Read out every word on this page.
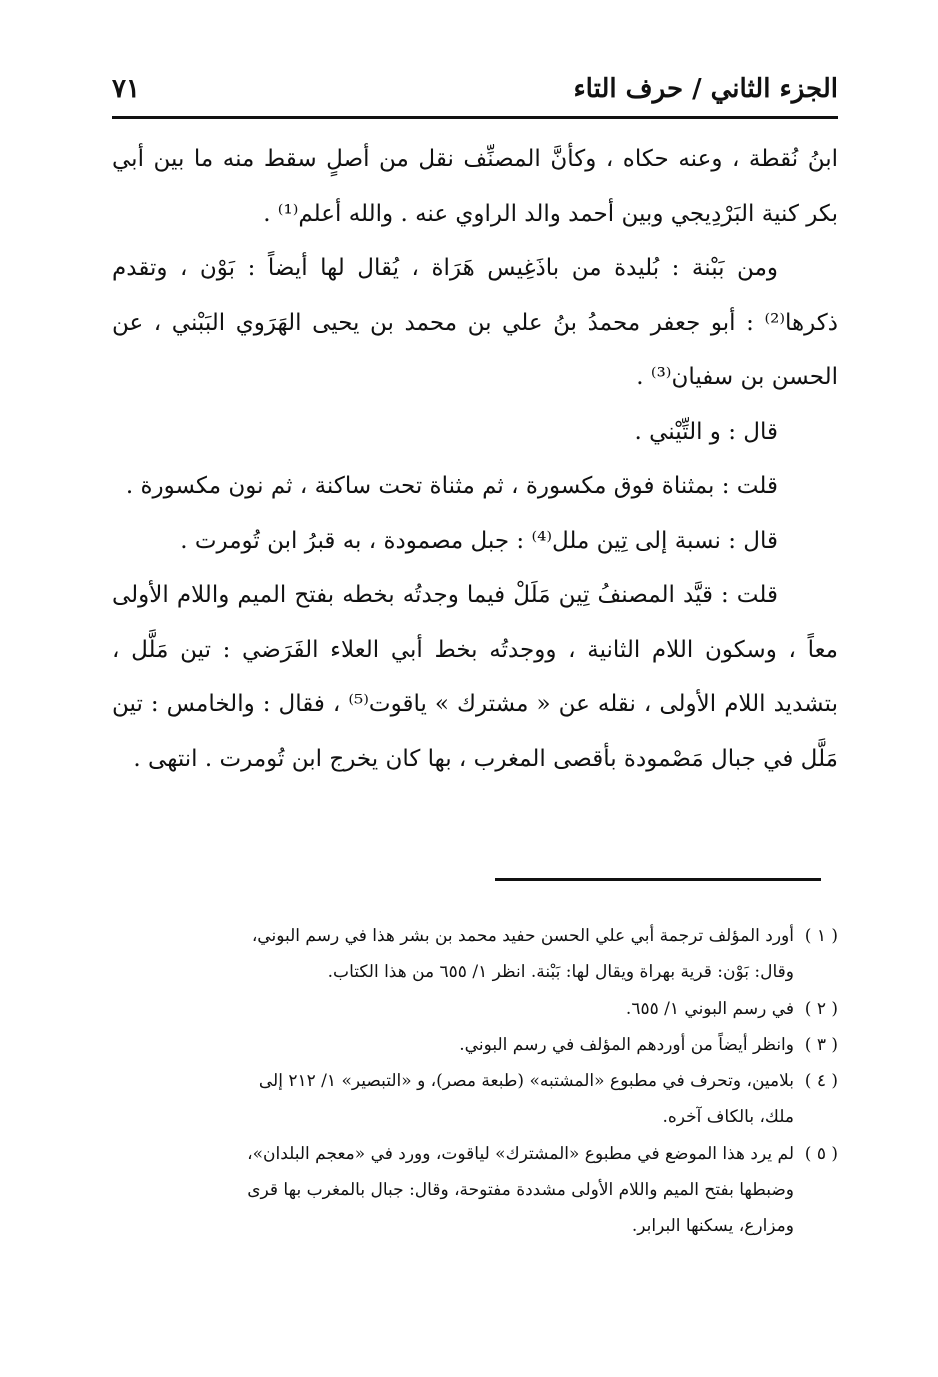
الجزء الثاني / حرف التاء
٧١

ابنُ نُقطة ، وعنه حكاه ، وكأنَّ المصنِّف نقل من أصلٍ سقط منه ما بين أبي بكر كنية البَرْدِيجي وبين أحمد والد الراوي عنه . والله أعلم⁽¹⁾ .

ومن بَبْنة : بُليدة من باذَغِيس هَرَاة ، يُقال لها أيضاً : بَوْن ، وتقدم ذكرها⁽²⁾ : أبو جعفر محمدُ بنُ علي بن محمد بن يحيى الهَرَوي البَبْني ، عن الحسن بن سفيان⁽³⁾ .

قال : و التِّيْني .

قلت : بمثناة فوق مكسورة ، ثم مثناة تحت ساكنة ، ثم نون مكسورة .

قال : نسبة إلى تِين ملل⁽⁴⁾ : جبل مصمودة ، به قبرُ ابن تُومرت .

قلت : قيَّد المصنفُ تِين مَلَلْ فيما وجدتُه بخطه بفتح الميم واللام الأولى معاً ، وسكون اللام الثانية ، ووجدتُه بخط أبي العلاء الفَرَضي : تين مَلَّل ، بتشديد اللام الأولى ، نقله عن « مشترك » ياقوت⁽⁵⁾ ، فقال : والخامس : تين مَلَّل في جبال مَصْمودة بأقصى المغرب ، بها كان يخرج ابن تُومرت . انتهى .

( ١ )أورد المؤلف ترجمة أبي علي الحسن حفيد محمد بن بشر هذا في رسم البوني،
وقال: بَوْن: قرية بهراة ويقال لها: بَبْنة. انظر ١/ ٦٥٥ من هذا الكتاب.
( ٢ )في رسم البوني ١/ ٦٥٥.
( ٣ )وانظر أيضاً من أوردهم المؤلف في رسم البوني.
( ٤ )بلامين، وتحرف في مطبوع «المشتبه» (طبعة مصر)، و «التبصير» ١/ ٢١٢ إلى
ملك، بالكاف آخره.
( ٥ )لم يرد هذا الموضع في مطبوع «المشترك» لياقوت، وورد في «معجم البلدان»،
وضبطها بفتح الميم واللام الأولى مشددة مفتوحة، وقال: جبال بالمغرب بها قرى
ومزارع، يسكنها البرابر.
